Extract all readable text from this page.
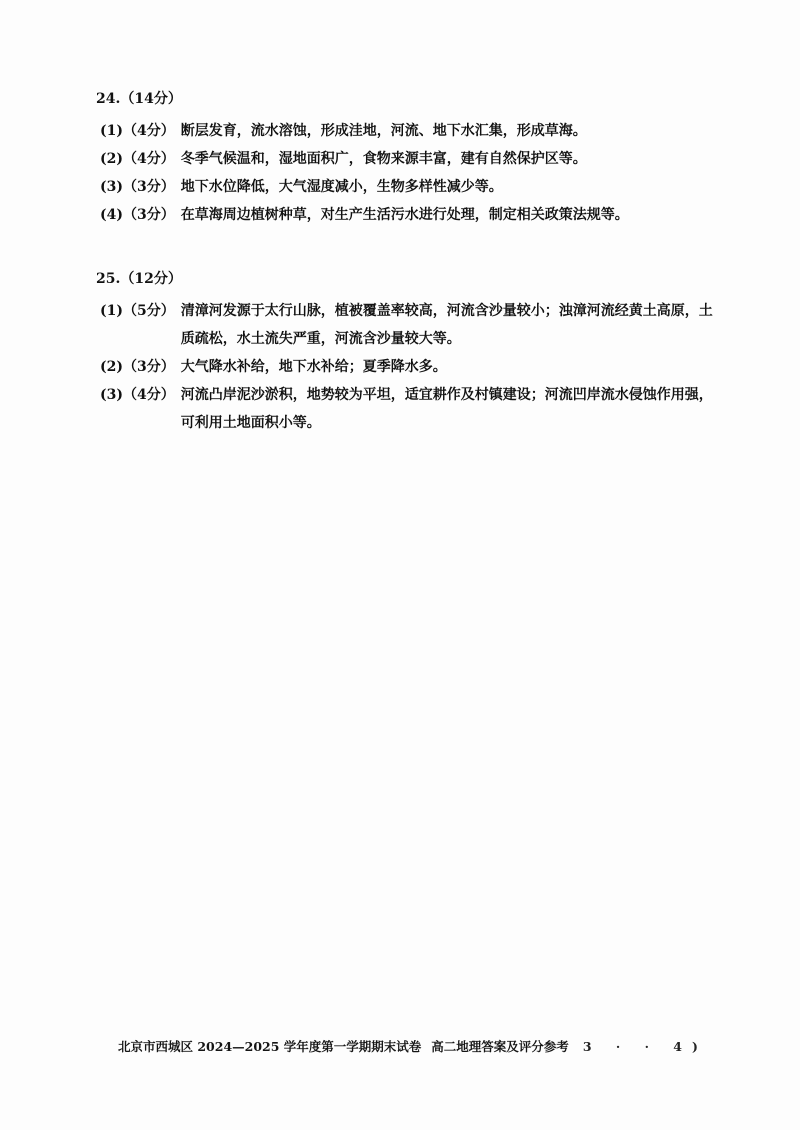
24.（14分）
(1)（4分） 断层发育，流水溶蚀，形成洼地，河流、地下水汇集，形成草海。
(2)（4分） 冬季气候温和，湿地面积广，食物来源丰富，建有自然保护区等。
(3)（3分） 地下水位降低，大气湿度减小，生物多样性减少等。
(4)（3分） 在草海周边植树种草，对生产生活污水进行处理，制定相关政策法规等。
25.（12分）
(1)（5分） 清漳河发源于太行山脉，植被覆盖率较高，河流含沙量较小；浊漳河流经黄土高原，土质疏松，水土流失严重，河流含沙量较大等。
(2)（3分） 大气降水补给，地下水补给；夏季降水多。
(3)（4分） 河流凸岸泥沙淤积，地势较为平坦，适宜耕作及村镇建设；河流凹岸流水侵蚀作用强，可利用土地面积小等。
北京市西城区 2024—2025 学年度第一学期期末试卷 高二地理答案及评分参考 3 · · 4)
